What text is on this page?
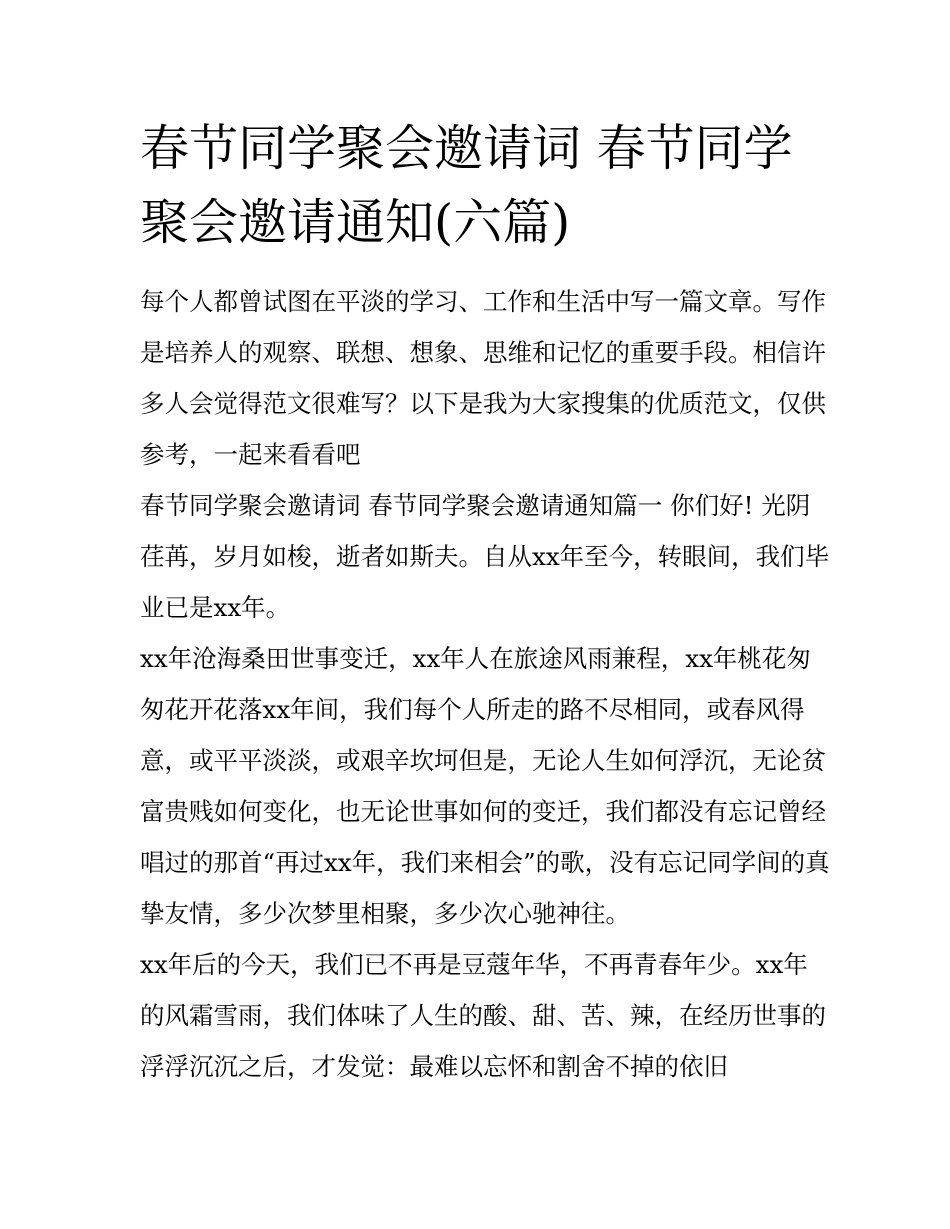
春节同学聚会邀请词 春节同学聚会邀请通知(六篇)

每个人都曾试图在平淡的学习、工作和生活中写一篇文章。写作是培养人的观察、联想、想象、思维和记忆的重要手段。相信许多人会觉得范文很难写？以下是我为大家搜集的优质范文，仅供参考，一起来看看吧

春节同学聚会邀请词 春节同学聚会邀请通知篇一 你们好! 光阴荏苒，岁月如梭，逝者如斯夫。自从xx年至今，转眼间，我们毕业已是xx年。

xx年沧海桑田世事变迁，xx年人在旅途风雨兼程，xx年桃花匆匆花开花落xx年间，我们每个人所走的路不尽相同，或春风得意，或平平淡淡，或艰辛坎坷但是，无论人生如何浮沉，无论贫富贵贱如何变化，也无论世事如何的变迁，我们都没有忘记曾经唱过的那首“再过xx年，我们来相会”的歌，没有忘记同学间的真挚友情，多少次梦里相聚，多少次心驰神往。

xx年后的今天，我们已不再是豆蔻年华，不再青春年少。xx年的风霜雪雨，我们体味了人生的酸、甜、苦、辣，在经历世事的浮浮沉沉之后，才发觉：最难以忘怀和割舍不掉的依旧
